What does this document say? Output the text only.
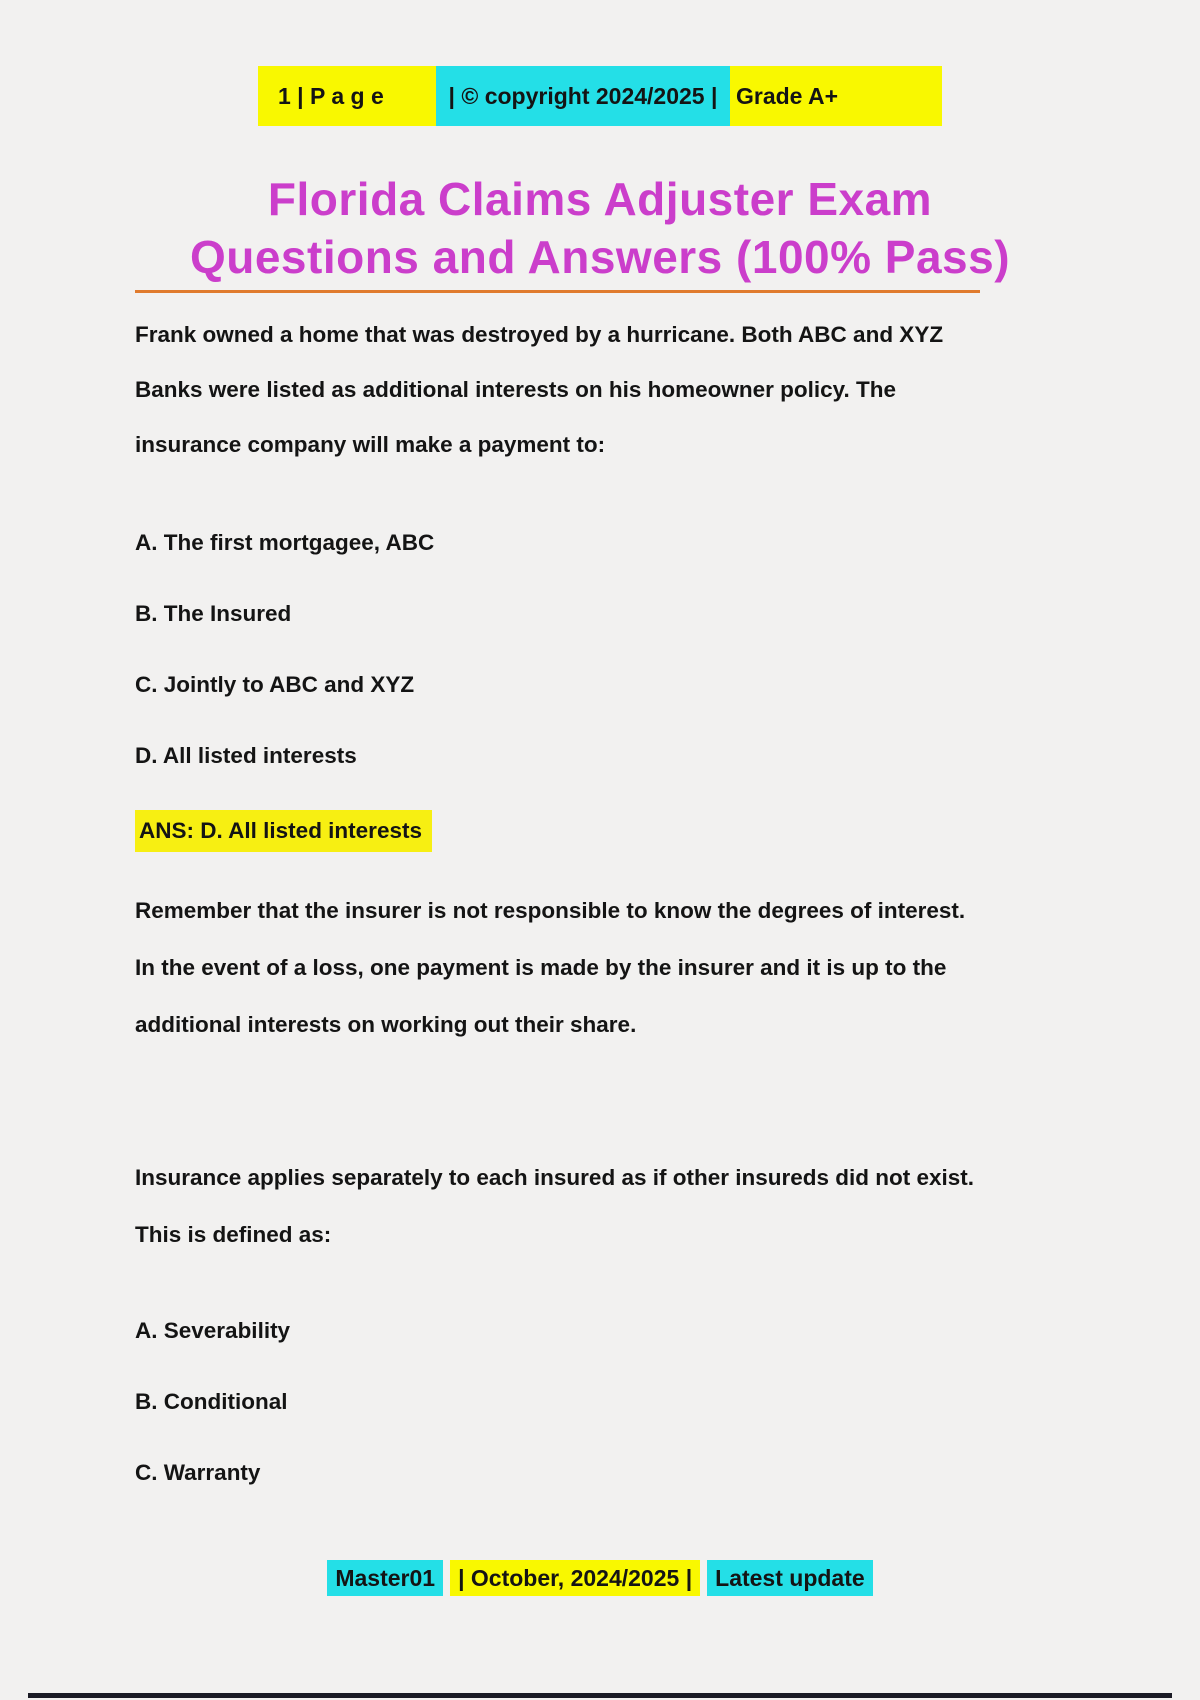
1 | P a g e	| © copyright 2024/2025 | Grade A+
Florida Claims Adjuster Exam
Questions and Answers (100% Pass)
Frank owned a home that was destroyed by a hurricane. Both ABC and XYZ
Banks were listed as additional interests on his homeowner policy. The
insurance company will make a payment to:
A. The first mortgagee, ABC
B. The Insured
C. Jointly to ABC and XYZ
D. All listed interests
ANS: D. All listed interests
Remember that the insurer is not responsible to know the degrees of interest.
In the event of a loss, one payment is made by the insurer and it is up to the
additional interests on working out their share.
Insurance applies separately to each insured as if other insureds did not exist.
This is defined as:
A. Severability
B. Conditional
C. Warranty
Master01	| October, 2024/2025 |	Latest update
